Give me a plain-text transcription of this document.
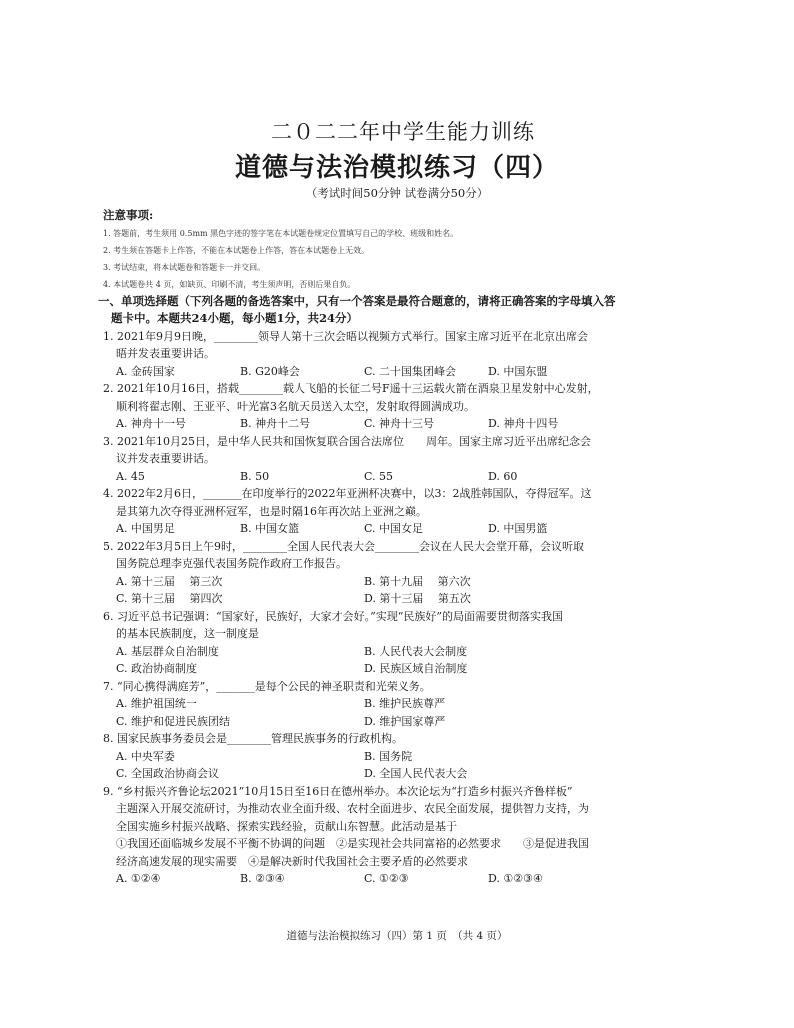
二０二二年中学生能力训练
道德与法治模拟练习（四）
（考试时间50分钟 试卷满分50分）
注意事项:
1. 答题前，考生须用 0.5mm 黑色字迹的签字笔在本试题卷规定位置填写自己的学校、班级和姓名。
2. 考生须在答题卡上作答，不能在本试题卷上作答，答在本试题卷上无效。
3. 考试结束，将本试题卷和答题卡一并交回。
4. 本试题卷共 4 页，如缺页、印刷不清，考生须声明，否则后果自负。
一、单项选择题（下列各题的备选答案中，只有一个答案是最符合题意的，请将正确答案的字母填入答
题卡中。本题共24小题，每小题1分，共24分）
1. 2021年9月9日晚，________领导人第十三次会晤以视频方式举行。国家主席习近平在北京出席会
晤并发表重要讲话。
A. 金砖国家	B. G20峰会	C. 二十国集团峰会	D. 中国东盟
2. 2021年10月16日，搭载________载人飞船的长征二号F遥十三运载火箭在酒泉卫星发射中心发射，
顺利将翟志刚、王亚平、叶光富3名航天员送入太空，发射取得圆满成功。
A. 神舟十一号	B. 神舟十二号	C. 神舟十三号	D. 神舟十四号
3. 2021年10月25日，是中华人民共和国恢复联合国合法席位　　周年。国家主席习近平出席纪念会
议并发表重要讲话。
A. 45	B. 50	C. 55	D. 60
4. 2022年2月6日，_______在印度举行的2022年亚洲杯决赛中，以3：2战胜韩国队，夺得冠军。这
是其第九次夺得亚洲杯冠军，也是时隔16年再次站上亚洲之巅。
A. 中国男足	B. 中国女篮	C. 中国女足	D. 中国男篮
5. 2022年3月5日上午9时，________全国人民代表大会________会议在人民大会堂开幕，会议听取
国务院总理李克强代表国务院作政府工作报告。
A. 第十三届　 第三次	B. 第十九届　 第六次
C. 第十三届　 第四次	D. 第十三届　 第五次
6. 习近平总书记强调：“国家好，民族好，大家才会好。”实现“民族好”的局面需要贯彻落实我国
的基本民族制度，这一制度是
A. 基层群众自治制度	B. 人民代表大会制度
C. 政治协商制度	D. 民族区域自治制度
7. “同心携得满庭芳”，_______是每个公民的神圣职责和光荣义务。
A. 维护祖国统一	B. 维护民族尊严
C. 维护和促进民族团结	D. 维护国家尊严
8. 国家民族事务委员会是________管理民族事务的行政机构。
A. 中央军委	B. 国务院
C. 全国政治协商会议	D. 全国人民代表大会
9. “乡村振兴齐鲁论坛2021”10月15日至16日在德州举办。本次论坛为“打造乡村振兴齐鲁样板”
主题深入开展交流研讨，为推动农业全面升级、农村全面进步、农民全面发展，提供智力支持，为
全国实施乡村振兴战略、探索实践经验，贡献山东智慧。此活动是基于
①我国还面临城乡发展不平衡不协调的问题　②是实现社会共同富裕的必然要求　　③是促进我国
经济高速发展的现实需要　④是解决新时代我国社会主要矛盾的必然要求
A. ①②④	B. ②③④	C. ①②③	D. ①②③④
道德与法治模拟练习（四）第 1 页　（共 4 页）
